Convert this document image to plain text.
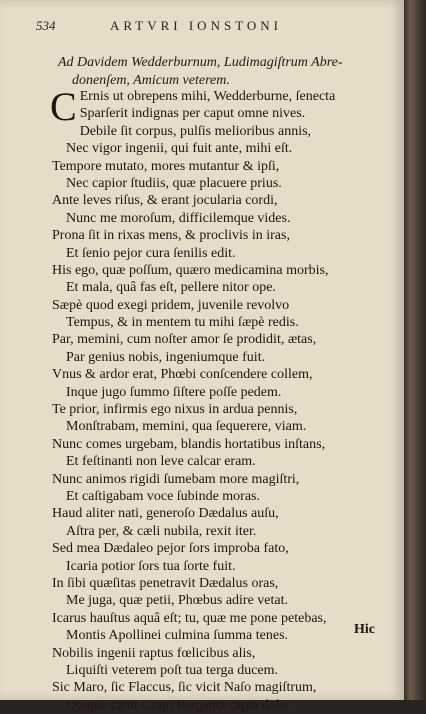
534	ARTVRI IONSTONI
Ad Davidem Wedderburnum, Ludimagiſtrum Abre-
donenſem, Amicum veterem.
C Ernis ut obrepens mihi, Wedderburne, ſenecta
Sparſerit indignas per caput omne nives.
Debile ſit corpus, pulſis melioribus annis,
Nec vigor ingenii, qui fuit ante, mihi eſt.
Tempore mutato, mores mutantur & ipſi,
Nec capior ſtudiis, quæ placuere prius.
Ante leves riſus, & erant jocularia cordi,
Nunc me moroſum, difficilemque vides.
Prona ſit in rixas mens, & proclivis in iras,
Et ſenio pejor cura ſenilis edit.
His ego, quæ poſſum, quæro medicamina morbis,
Et mala, quâ fas eſt, pellere nitor ope.
Sæpè quod exegi pridem, juvenile revolvo
Tempus, & in mentem tu mihi ſæpè redis.
Par, memini, cum noſter amor ſe prodidit, ætas,
Par genius nobis, ingeniumque fuit.
Vnus & ardor erat, Phœbi conſcendere collem,
Inque jugo ſummo ſiſtere poſſe pedem.
Te prior, infirmis ego nixus in ardua pennis,
Monſtrabam, memini, qua ſequerere, viam.
Nunc comes urgebam, blandis hortatibus inſtans,
Et feſtinanti non leve calcar eram.
Nunc animos rigidi ſumebam more magiſtri,
Et caſtigabam voce ſubinde moras.
Haud aliter nati, generoſo Dædalus auſu,
Aſtra per, & cæli nubila, rexit iter.
Sed mea Dædaleo pejor ſors improba fato,
Icaria potior ſors tua ſorte fuit.
In ſibi quæſitas penetravit Dædalus oras,
Me juga, quæ petii, Phœbus adire vetat.
Icarus hauſtus aquâ eſt; tu, quæ me pone petebas,
Montis Apollinei culmina ſumma tenes.
Nobilis ingenii raptus fœlicibus alis,
Liquiſti veterem poſt tua terga ducem.
Sic Maro, ſic Flaccus, ſic vicit Naſo magiſtrum,
Quique canit Grajo Pergama capta dolo.
Hic
